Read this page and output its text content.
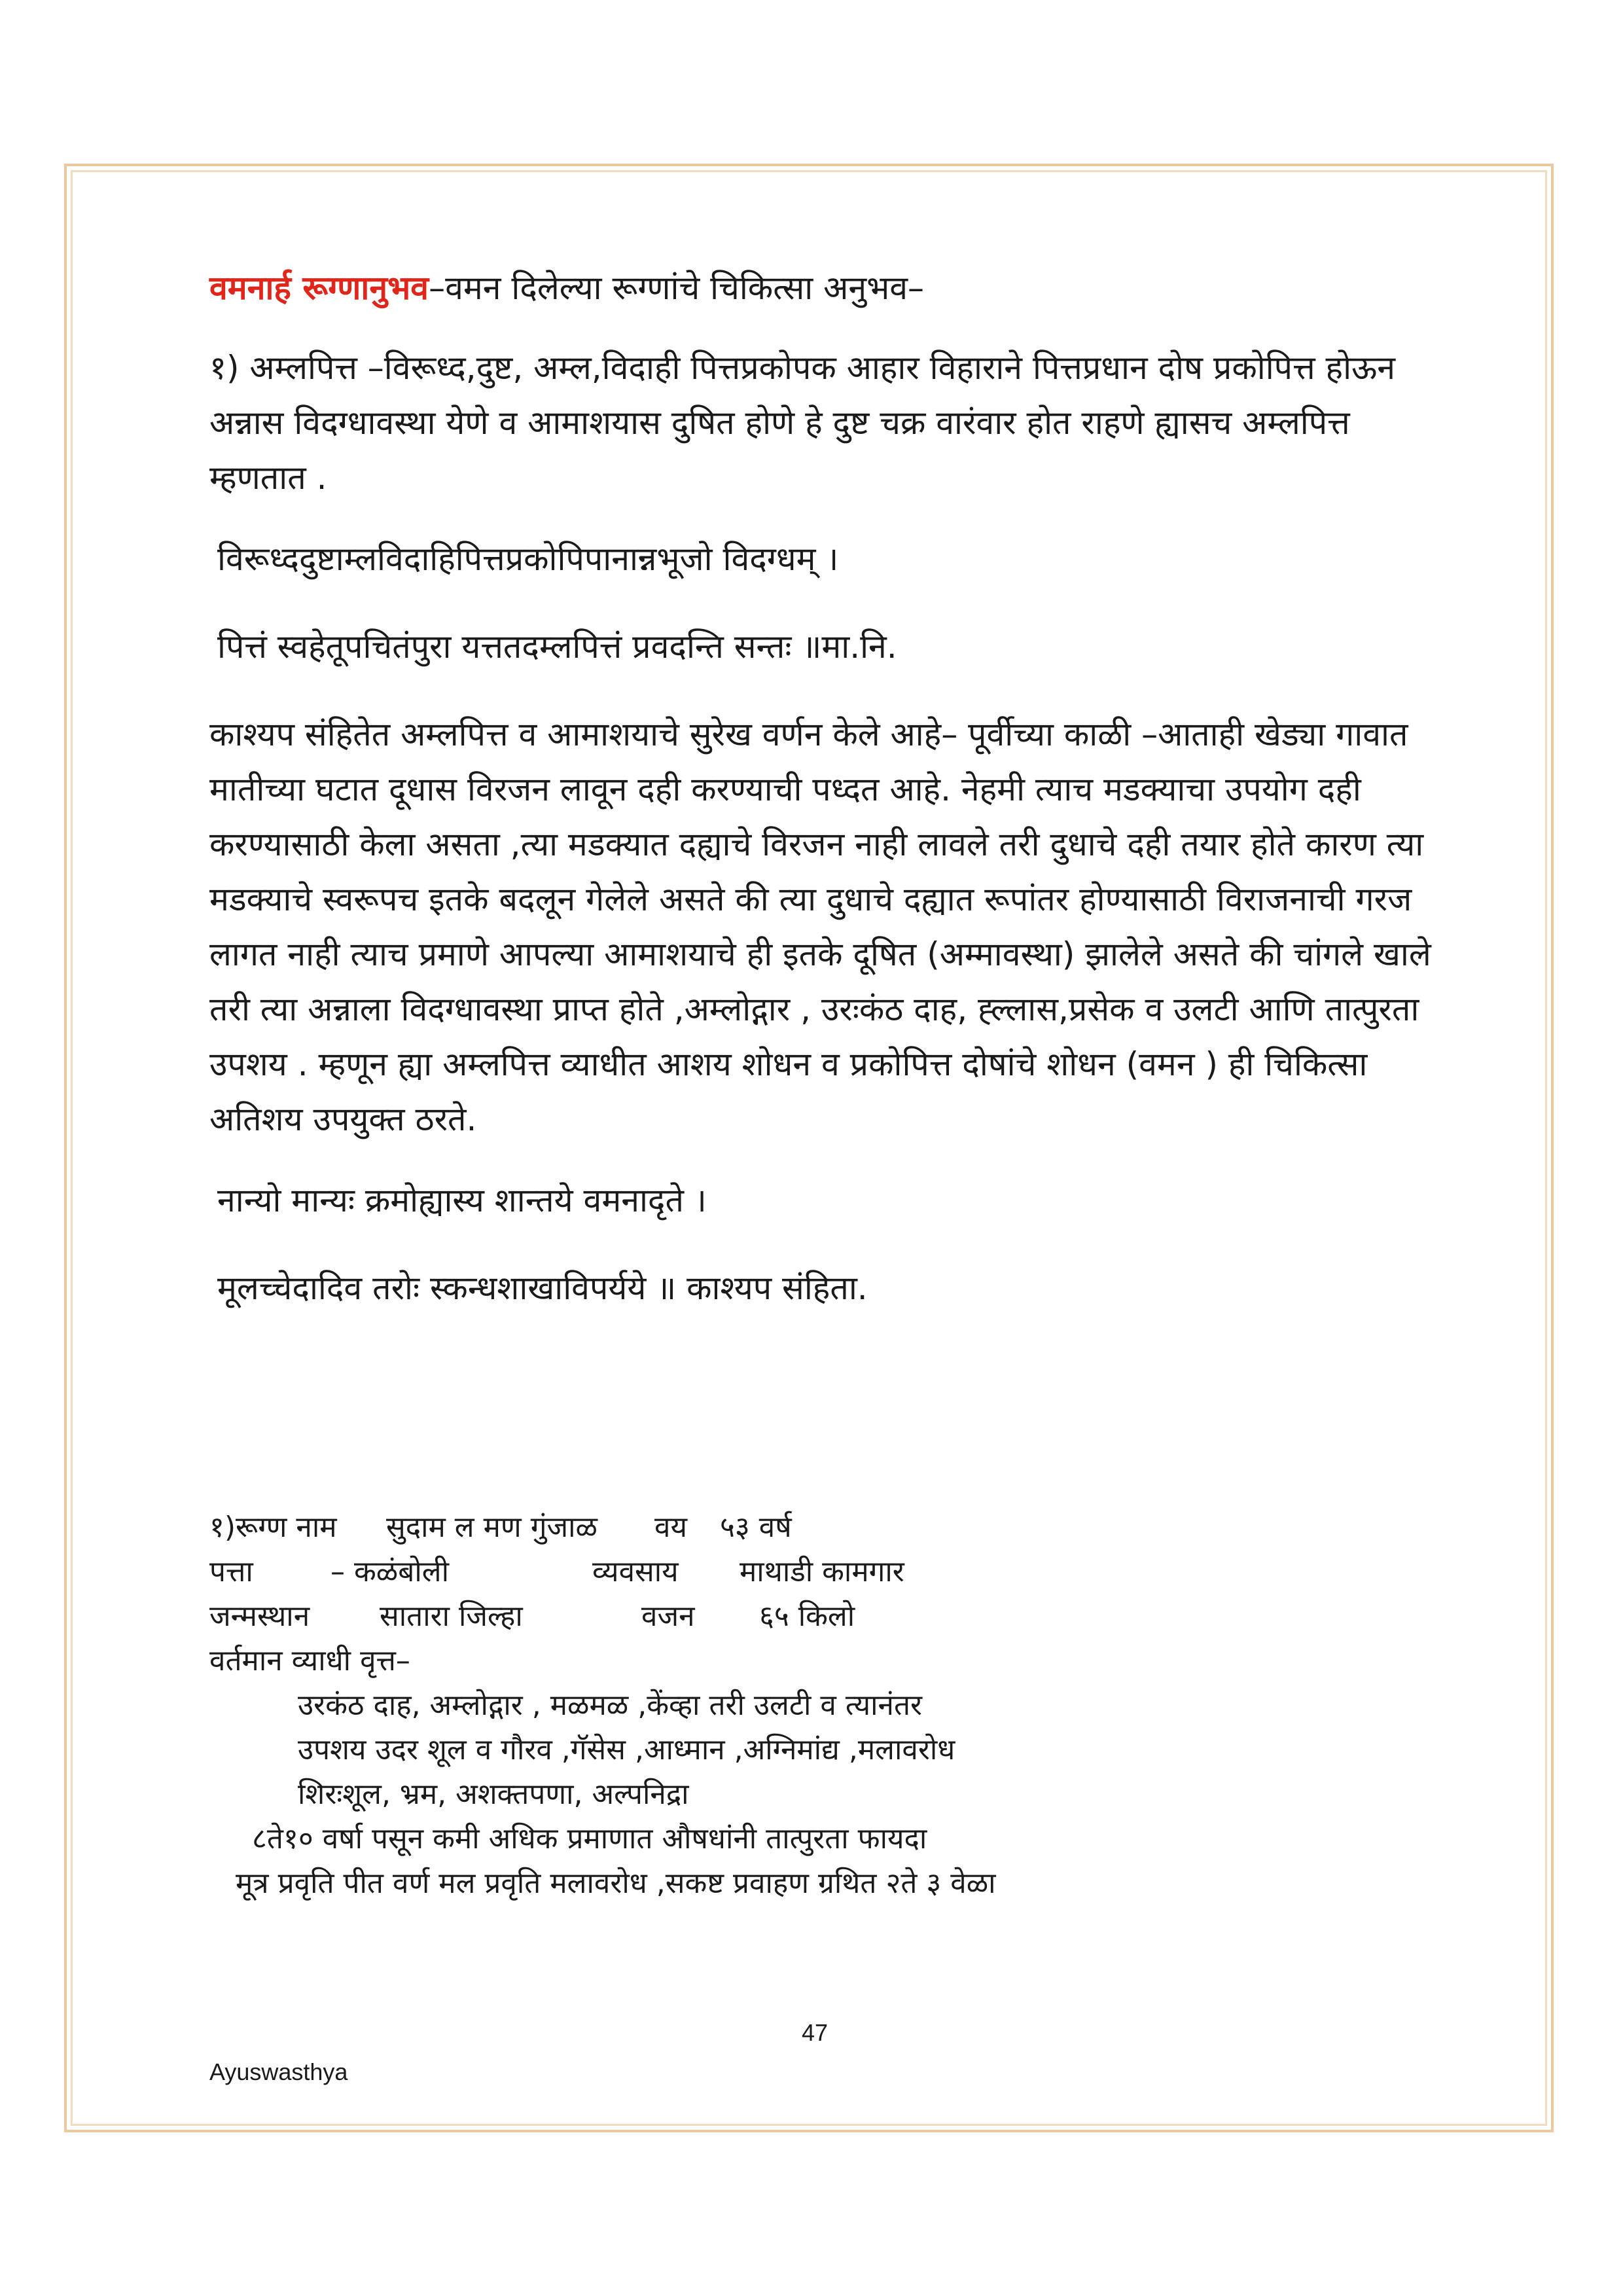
वमनार्ह रूग्णानुभव–वमन दिलेल्या रूग्णांचे चिकित्सा अनुभव–

१) अम्लपित्त –विरूध्द,दुष्ट, अम्ल,विदाही पित्तप्रकोपक आहार विहाराने पित्तप्रधान दोष प्रकोपित्त होऊन अन्नास विदग्धावस्था येणे व आमाशयास दुषित होणे हे दुष्ट चक्र वारंवार होत राहणे ह्यासच अम्लपित्त म्हणतात .

विरूध्ददुष्टाम्लविदाहिपित्तप्रकोपिपानान्नभूजो विदग्धम् ।

पित्तं स्वहेतूपचितंपुरा यत्ततदम्लपित्तं प्रवदन्ति सन्तः ॥मा.नि.

काश्यप संहितेत अम्लपित्त व आमाशयाचे सुरेख वर्णन केले आहे– पूर्वीच्या काळी –आताही खेड्या गावात मातीच्या घटात दूधास विरजन लावून दही करण्याची पध्दत आहे. नेहमी त्याच मडक्याचा उपयोग दही करण्यासाठी केला असता ,त्या मडक्यात दह्याचे विरजन नाही लावले तरी दुधाचे दही तयार होते कारण त्या मडक्याचे स्वरूपच इतके बदलून गेलेले असते की त्या दुधाचे दह्यात रूपांतर होण्यासाठी विराजनाची गरज लागत नाही त्याच प्रमाणे आपल्या आमाशयाचे ही इतके दूषित (अम्मावस्था) झालेले असते की चांगले खाले तरी त्या अन्नाला विदग्धावस्था प्राप्त होते ,अम्लोद्गार , उरःकंठ दाह, ह्ल्लास,प्रसेक व उलटी आणि तात्पुरता उपशय . म्हणून ह्या अम्लपित्त व्याधीत आशय शोधन व प्रकोपित्त दोषांचे शोधन (वमन ) ही चिकित्सा अतिशय उपयुक्त ठरते.

नान्यो मान्यः क्रमोह्यास्य शान्तये वमनादृते ।

मूलच्चेदादिव तरोः स्कन्धशाखाविपर्यये ॥ काश्यप संहिता.

१)रूग्ण नाम सुदाम ल मण गुंजाळ वय ५३ वर्ष
पत्ता	– कळंबोली	व्यवसाय माथाडी कामगार
जन्मस्थान सातारा जिल्हा	वजन ६५ किलो
वर्तमान व्याधी वृत्त–
उरकंठ दाह, अम्लोद्गार , मळमळ ,केंव्हा तरी उलटी व त्यानंतर
उपशय उदर शूल व गौरव ,गॅसेस ,आध्मान ,अग्निमांद्य ,मलावरोध
शिरःशूल, भ्रम, अशक्तपणा, अल्पनिद्रा
८ते१० वर्षा पसून कमी अधिक प्रमाणात औषधांनी तात्पुरता फायदा
मूत्र प्रवृति पीत वर्ण मल प्रवृति मलावरोध ,सकष्ट प्रवाहण ग्रथित २ते ३ वेळा
47
Ayuswasthya
